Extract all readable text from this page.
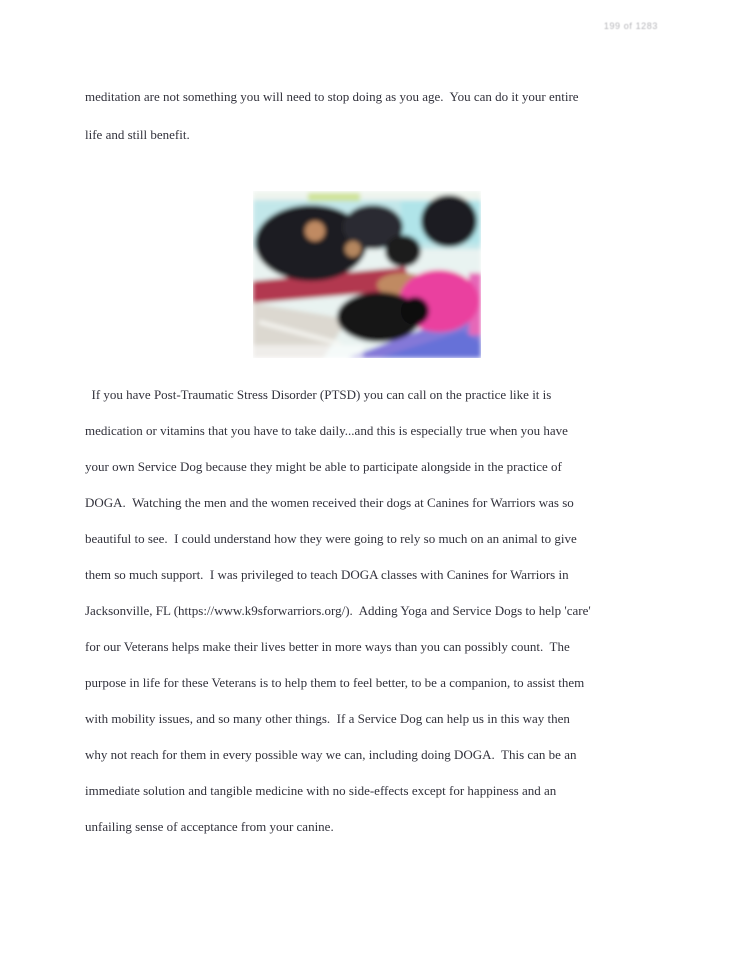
199 of 1283
meditation are not something you will need to stop doing as you age.  You can do it your entire
life and still benefit.
If you have Post-Traumatic Stress Disorder (PTSD) you can call on the practice like it is
medication or vitamins that you have to take daily...and this is especially true when you have
your own Service Dog because they might be able to participate alongside in the practice of
DOGA.  Watching the men and the women received their dogs at Canines for Warriors was so
beautiful to see.  I could understand how they were going to rely so much on an animal to give
them so much support.  I was privileged to teach DOGA classes with Canines for Warriors in
Jacksonville, FL (https://www.k9sforwarriors.org/).  Adding Yoga and Service Dogs to help 'care'
for our Veterans helps make their lives better in more ways than you can possibly count.  The
purpose in life for these Veterans is to help them to feel better, to be a companion, to assist them
with mobility issues, and so many other things.  If a Service Dog can help us in this way then
why not reach for them in every possible way we can, including doing DOGA.  This can be an
immediate solution and tangible medicine with no side-effects except for happiness and an
unfailing sense of acceptance from your canine.
